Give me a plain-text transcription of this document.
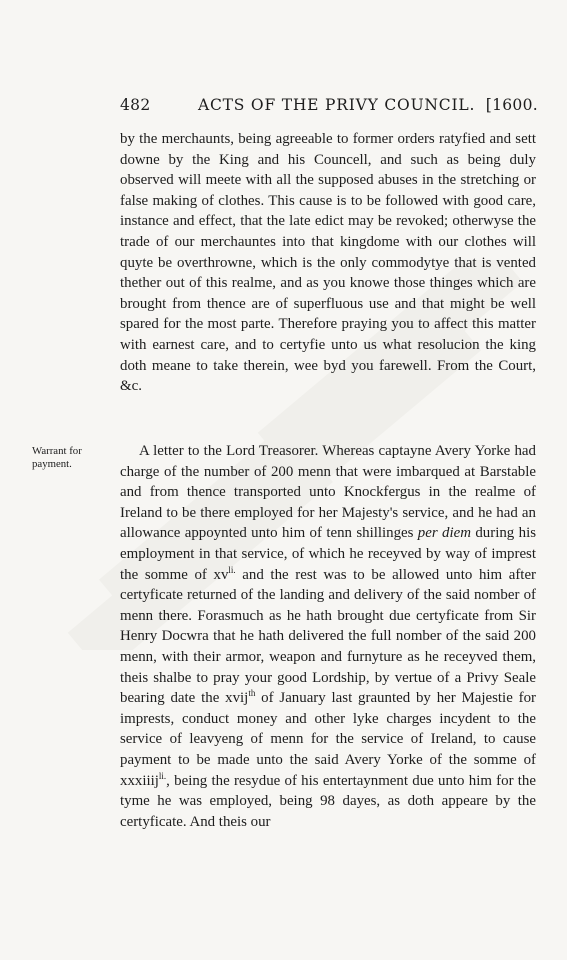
482	ACTS OF THE PRIVY COUNCIL. [1600.
by the merchaunts, being agreeable to former orders ratyfied and sett downe by the King and his Councell, and such as being duly observed will meete with all the supposed abuses in the stretching or false making of clothes. This cause is to be followed with good care, instance and effect, that the late edict may be revoked; otherwyse the trade of our merchauntes into that kingdome with our clothes will quyte be overthrowne, which is the only commodytye that is vented thether out of this realme, and as you knowe those thinges which are brought from thence are of superfluous use and that might be well spared for the most parte. Therefore praying you to affect this matter with earnest care, and to certyfie unto us what resolucion the king doth meane to take therein, wee byd you farewell. From the Court, &c.
Warrant for payment.
A letter to the Lord Treasorer. Whereas captayne Avery Yorke had charge of the number of 200 menn that were imbarqued at Barstable and from thence transported unto Knockfergus in the realme of Ireland to be there employed for her Majesty's service, and he had an allowance appoynted unto him of tenn shillinges per diem during his employment in that service, of which he receyved by way of imprest the somme of $xv^{li.}$ and the rest was to be allowed unto him after certyficate returned of the landing and delivery of the said nomber of menn there. Forasmuch as he hath brought due certyficate from Sir Henry Docwra that he hath delivered the full nomber of the said 200 menn, with their armor, weapon and furnyture as he receyved them, theis shalbe to pray your good Lordship, by vertue of a Privy Seale bearing date the xvij$^{th}$ of January last graunted by her Majestie for imprests, conduct money and other lyke charges incydent to the service of leavyeng of menn for the service of Ireland, to cause payment to be made unto the said Avery Yorke of the somme of xxxiiij$^{li.}$, being the resydue of his entertaynment due unto him for the tyme he was employed, being 98 dayes, as doth appeare by the certyficate. And theis our
